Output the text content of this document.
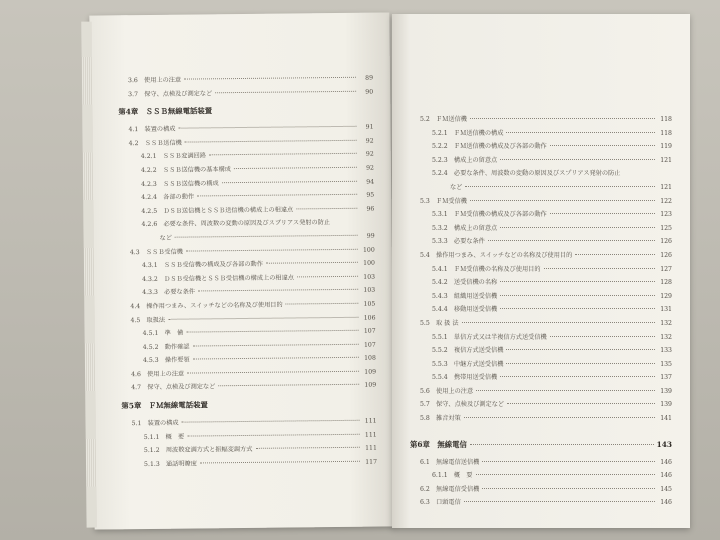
3.6　使用上の注意	89
3.7　保守、点検及び測定など	90
第4章　ＳＳＢ無線電話装置
4.1　装置の構成	91
4.2　ＳＳＢ送信機	92
4.2.1　ＳＳＢ変調回路	92
4.2.2　ＳＳＢ送信機の基本構成	92
4.2.3　ＳＳＢ送信機の構成	94
4.2.4　各部の動作	95
4.2.5　ＤＳＢ送信機とＳＳＢ送信機の構成上の相違点	96
4.2.6　必要な条件、周波数の変動の原因及びスプリアス発射の防止
など	99
4.3　ＳＳＢ受信機	100
4.3.1　ＳＳＢ受信機の構成及び各部の動作	100
4.3.2　ＤＳＢ受信機とＳＳＢ受信機の構成上の相違点	103
4.3.3　必要な条件	103
4.4　操作用つまみ、スイッチなどの名称及び使用目的	105
4.5　取扱法	106
4.5.1　準　備	107
4.5.2　動作確認	107
4.5.3　操作要領	108
4.6　使用上の注意	109
4.7　保守、点検及び測定など	109
第5章　ＦＭ無線電話装置
5.1　装置の構成	111
5.1.1　概　要	111
5.1.2　周波数変調方式と振幅変調方式	111
5.1.3　通話明瞭度	117
5.2　ＦＭ送信機	118
5.2.1　ＦＭ送信機の構成	118
5.2.2　ＦＭ送信機の構成及び各部の動作	119
5.2.3　構成上の留意点	121
5.2.4　必要な条件、周波数の変動の原因及びスプリアス発射の防止
など	121
5.3　ＦＭ受信機	122
5.3.1　ＦＭ受信機の構成及び各部の動作	123
5.3.2　構成上の留意点	125
5.3.3　必要な条件	126
5.4　操作用つまみ、スイッチなどの名称及び使用目的	126
5.4.1　ＦＭ受信機の名称及び使用目的	127
5.4.2　送受信機の名称	128
5.4.3　組織用送受信機	129
5.4.4　移動用送受信機	131
5.5　取 扱 法	132
5.5.1　単信方式又は半複信方式送受信機	132
5.5.2　複信方式送受信機	133
5.5.3　中継方式送受信機	135
5.5.4　携帯用送受信機	137
5.6　使用上の注意	139
5.7　保守、点検及び測定など	139
5.8　雑音対策	141
第6章　無線電信	143
6.1　無線電信送信機	146
6.1.1　概　要	146
6.2　無線電信受信機	145
6.3　口頭電信	146
